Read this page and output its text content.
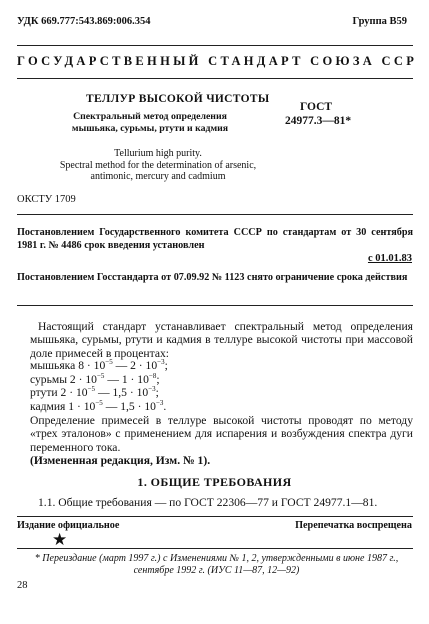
УДК 669.777:543.869:006.354	Группа В59
ГОСУДАРСТВЕННЫЙ СТАНДАРТ СОЮЗА ССР
ТЕЛЛУР ВЫСОКОЙ ЧИСТОТЫ
Спектральный метод определения мышьяка, сурьмы, ртути и кадмия
ГОСТ
24977.3—81*
Tellurium high purity.
Spectral method for the determination of arsenic,
antimonic, mercury and cadmium
ОКСТУ 1709
Постановлением Государственного комитета СССР по стандартам от 30 сентября 1981 г. № 4486 срок введения установлен
с 01.01.83
Постановлением Госстандарта от 07.09.92 № 1123 снято ограничение срока действия
Настоящий стандарт устанавливает спектральный метод определения мышьяка, сурьмы, ртути и кадмия в теллуре высокой чистоты при массовой доле примесей в процентах:
мышьяка $8 \cdot 10^{-5}$ — $2 \cdot 10^{-3}$;
сурьмы $2 \cdot 10^{-5}$ — $1 \cdot 10^{-8}$;
ртути $2 \cdot 10^{-5}$ — $1,5 \cdot 10^{-3}$;
кадмия $1 \cdot 10^{-5}$ — $1,5 \cdot 10^{-3}$.
Определение примесей в теллуре высокой чистоты проводят по методу «трех эталонов» с применением для испарения и возбуждения спектра дуги переменного тока.
(Измененная редакция, Изм. № 1).
1. ОБЩИЕ ТРЕБОВАНИЯ
1.1. Общие требования — по ГОСТ 22306—77 и ГОСТ 24977.1—81.
Издание официальное	Перепечатка воспрещена
★
* Переиздание (март 1997 г.) с Изменениями № 1, 2, утвержденными в июне 1987 г., сентябре 1992 г. (ИУС 11—87, 12—92)
28
